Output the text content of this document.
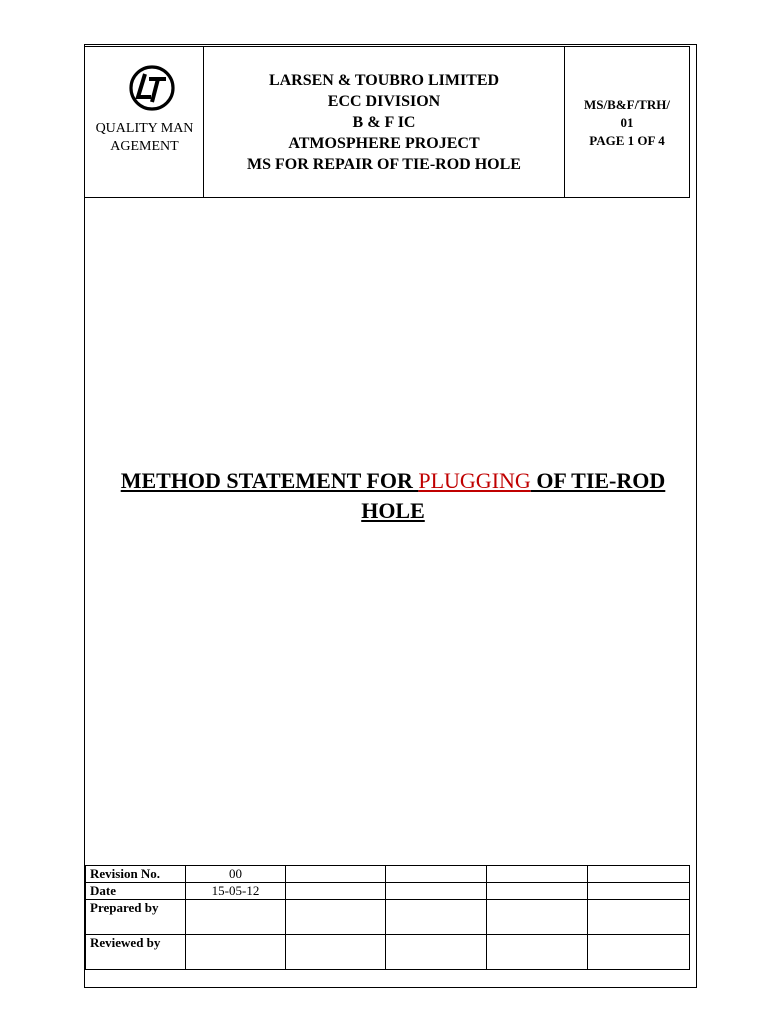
QUALITY MANAGEMENT
LARSEN & TOUBRO LIMITED
ECC DIVISION
B & F IC
ATMOSPHERE PROJECT
MS FOR REPAIR OF TIE-ROD HOLE
MS/B&F/TRH/
01
PAGE 1 OF 4
METHOD STATEMENT FOR PLUGGING OF TIE-ROD HOLE
Revision No.	00				
Date	15-05-12				
Prepared by					
Reviewed by					
